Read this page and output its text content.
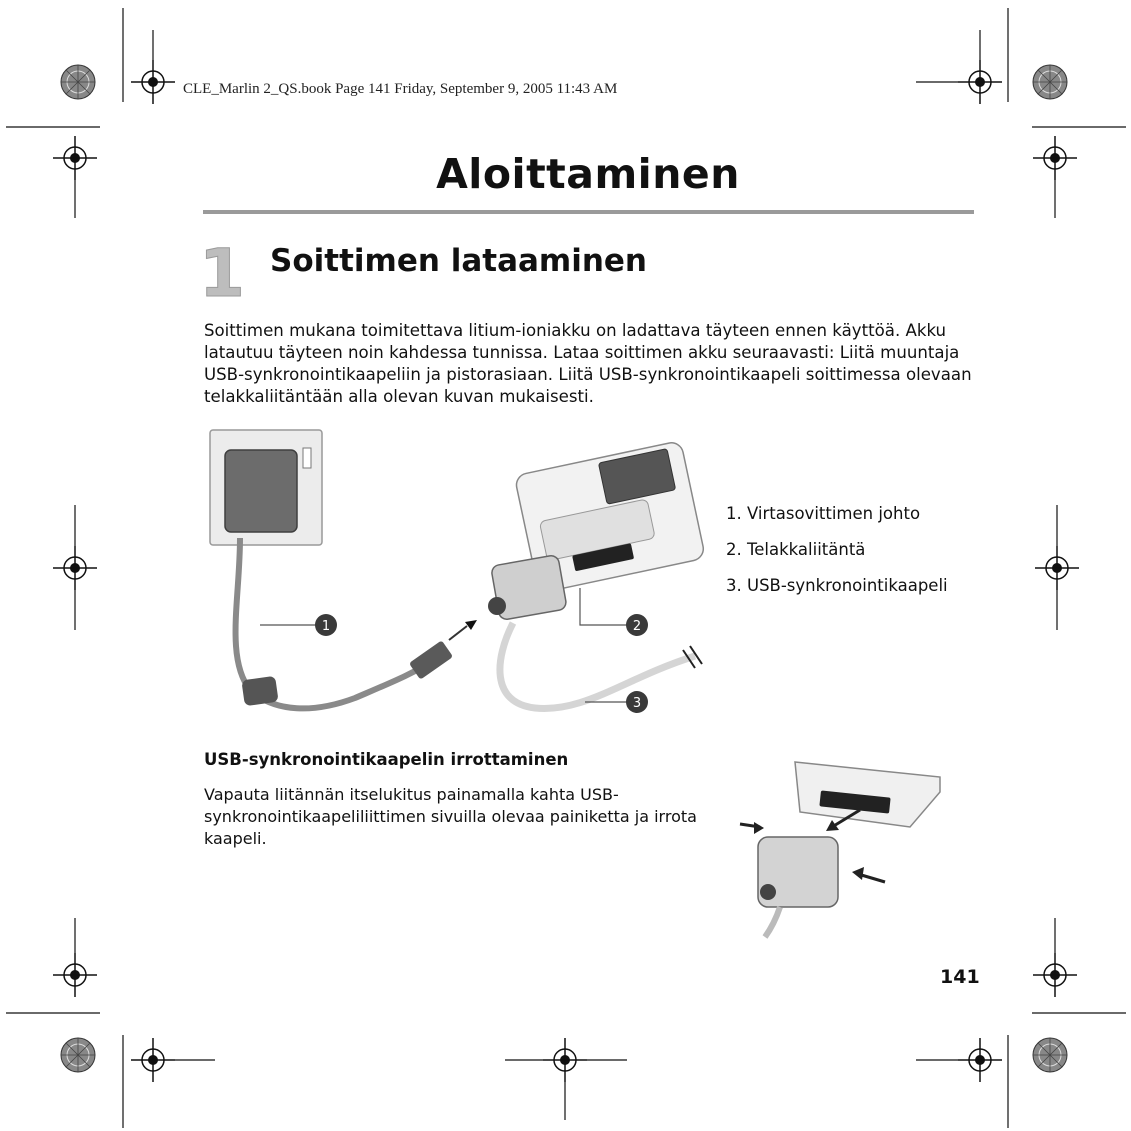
CLE_Marlin 2_QS.book Page 141 Friday, September 9, 2005 11:43 AM
Aloittaminen
1 Soittimen lataaminen
Soittimen mukana toimitettava litium-ioniakku on ladattava täyteen ennen käyttöä. Akku latautuu täyteen noin kahdessa tunnissa. Lataa soittimen akku seuraavasti: Liitä muuntaja USB-synkronointikaapeliin ja pistorasiaan. Liitä USB-synkronointikaapeli soittimessa olevaan telakkaliitäntään alla olevan kuvan mukaisesti.
1	2
3
1. Virtasovittimen johto
2. Telakkaliitäntä
3. USB-synkronointikaapeli
USB-synkronointikaapelin irrottaminen
Vapauta liitännän itselukitus painamalla kahta USB-synkronointikaapeliliittimen sivuilla olevaa painiketta ja irrota kaapeli.
141
